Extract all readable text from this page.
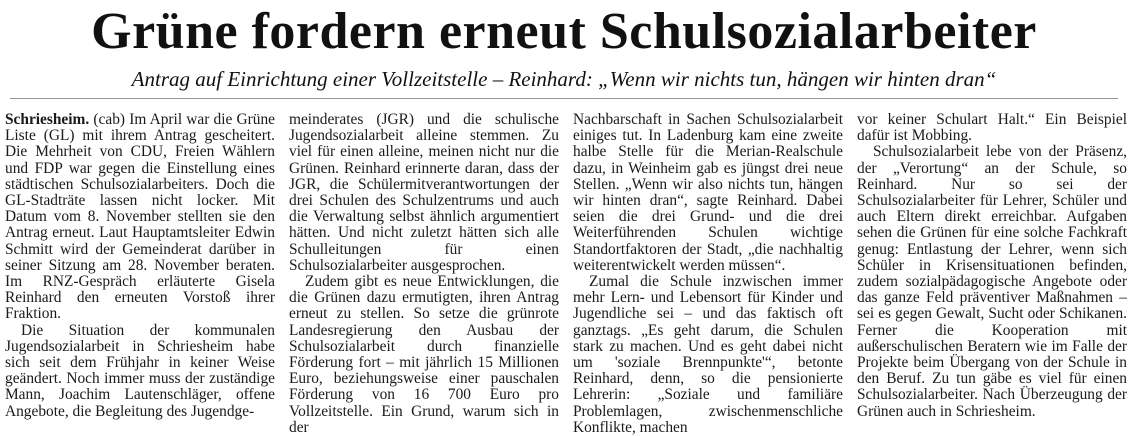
Grüne fordern erneut Schulsozialarbeiter
Antrag auf Einrichtung einer Vollzeitstelle – Reinhard: „Wenn wir nichts tun, hängen wir hinten dran“

Schriesheim. (cab) Im April war die Grüne Liste (GL) mit ihrem Antrag gescheitert. Die Mehrheit von CDU, Freien Wählern und FDP war gegen die Einstellung eines städtischen Schulsozialarbeiters. Doch die GL-Stadträte lassen nicht locker. Mit Datum vom 8. November stellten sie den Antrag erneut. Laut Hauptamtsleiter Edwin Schmitt wird der Gemeinderat darüber in seiner Sitzung am 28. November beraten. Im RNZ-Gespräch erläuterte Gisela Reinhard den erneuten Vorstoß ihrer Fraktion.

Die Situation der kommunalen Jugendsozialarbeit in Schriesheim habe sich seit dem Frühjahr in keiner Weise geändert. Noch immer muss der zuständige Mann, Joachim Lautenschläger, offene Angebote, die Begleitung des Jugendge-

meinderates (JGR) und die schulische Jugendsozialarbeit alleine stemmen. Zu viel für einen alleine, meinen nicht nur die Grünen. Reinhard erinnerte daran, dass der JGR, die Schülermitverantwortungen der drei Schulen des Schulzentrums und auch die Verwaltung selbst ähnlich argumentiert hätten. Und nicht zuletzt hätten sich alle Schulleitungen für einen Schulsozialarbeiter ausgesprochen.

Zudem gibt es neue Entwicklungen, die die Grünen dazu ermutigten, ihren Antrag erneut zu stellen. So setze die grünrote Landesregierung den Ausbau der Schulsozialarbeit durch finanzielle Förderung fort – mit jährlich 15 Millionen Euro, beziehungsweise einer pauschalen Förderung von 16 700 Euro pro Vollzeitstelle. Ein Grund, warum sich in der

Nachbarschaft in Sachen Schulsozialarbeit einiges tut. In Ladenburg kam eine zweite halbe Stelle für die Merian-Realschule dazu, in Weinheim gab es jüngst drei neue Stellen. „Wenn wir also nichts tun, hängen wir hinten dran“, sagte Reinhard. Dabei seien die drei Grund- und die drei Weiterführenden Schulen wichtige Standortfaktoren der Stadt, „die nachhaltig weiterentwickelt werden müssen“.

Zumal die Schule inzwischen immer mehr Lern- und Lebensort für Kinder und Jugendliche sei – und das faktisch oft ganztags. „Es geht darum, die Schulen stark zu machen. Und es geht dabei nicht um 'soziale Brennpunkte'“, betonte Reinhard, denn, so die pensionierte Lehrerin: „Soziale und familiäre Problemlagen, zwischenmenschliche Konflikte, machen

vor keiner Schulart Halt.“ Ein Beispiel dafür ist Mobbing.

Schulsozialarbeit lebe von der Präsenz, der „Verortung“ an der Schule, so Reinhard. Nur so sei der Schulsozialarbeiter für Lehrer, Schüler und auch Eltern direkt erreichbar. Aufgaben sehen die Grünen für eine solche Fachkraft genug: Entlastung der Lehrer, wenn sich Schüler in Krisensituationen befinden, zudem sozialpädagogische Angebote oder das ganze Feld präventiver Maßnahmen – sei es gegen Gewalt, Sucht oder Schikanen. Ferner die Kooperation mit außerschulischen Beratern wie im Falle der Projekte beim Übergang von der Schule in den Beruf. Zu tun gäbe es viel für einen Schulsozialarbeiter. Nach Überzeugung der Grünen auch in Schriesheim.
